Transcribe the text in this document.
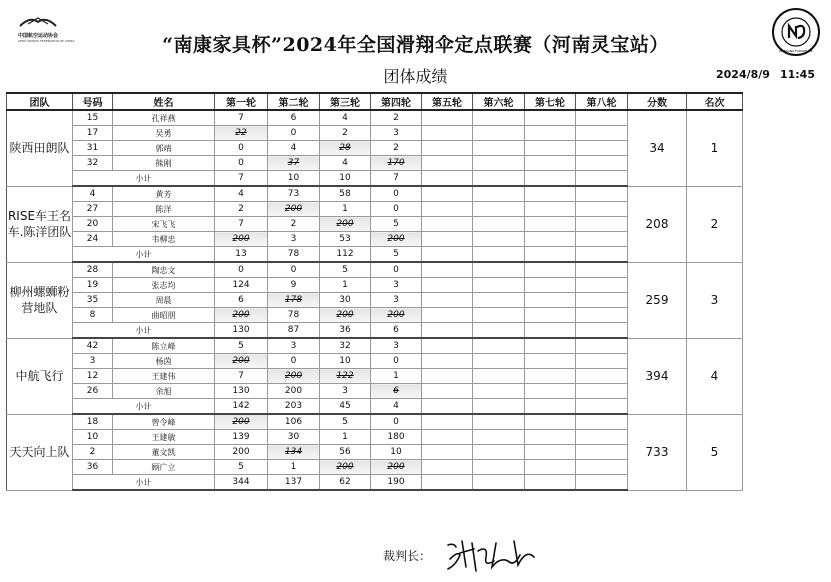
中国航空运动协会
AERO SPORTS FEDERATION OF CHINA
NANKANG FURNITURE
“南康家具杯”2024年全国滑翔伞定点联赛（河南灵宝站）
团体成绩	2024/8/9 11:45
团队	号码	姓名	第一轮	第二轮	第三轮	第四轮	第五轮	第六轮	第七轮	第八轮	分数	名次
陕西田朗队	15	孔祥燕	7	6	4	2					34	1
	17	吴勇	22	0	2	3						
	31	郭靖	0	4	28	2						
	32	熊刚	0	37	4	170						
	小计		7	10	10	7						
RISE车王名车.陈洋团队	4	黄芳	4	73	58	0					208	2
	27	陈洋	2	200	1	0						
	20	宋飞飞	7	2	200	5						
	24	韦柳忠	200	3	53	200						
	小计		13	78	112	5						
柳州螺蛳粉营地队	28	陶忠文	0	0	5	0					259	3
	19	张志均	124	9	1	3						
	35	周晨	6	178	30	3						
	8	曲昭朋	200	78	200	200						
	小计		130	87	36	6						
中航飞行	42	陈立峰	5	3	32	3					394	4
	3	杨茵	200	0	10	0						
	12	王建伟	7	200	122	1						
	26	余旭	130	200	3	6						
	小计		142	203	45	4						
天天向上队	18	曾令峰	200	106	5	0					733	5
	10	王建敏	139	30	1	180						
	2	董文凯	200	134	56	10						
	36	顾广立	5	1	200	200						
	小计		344	137	62	190						
裁判长：
